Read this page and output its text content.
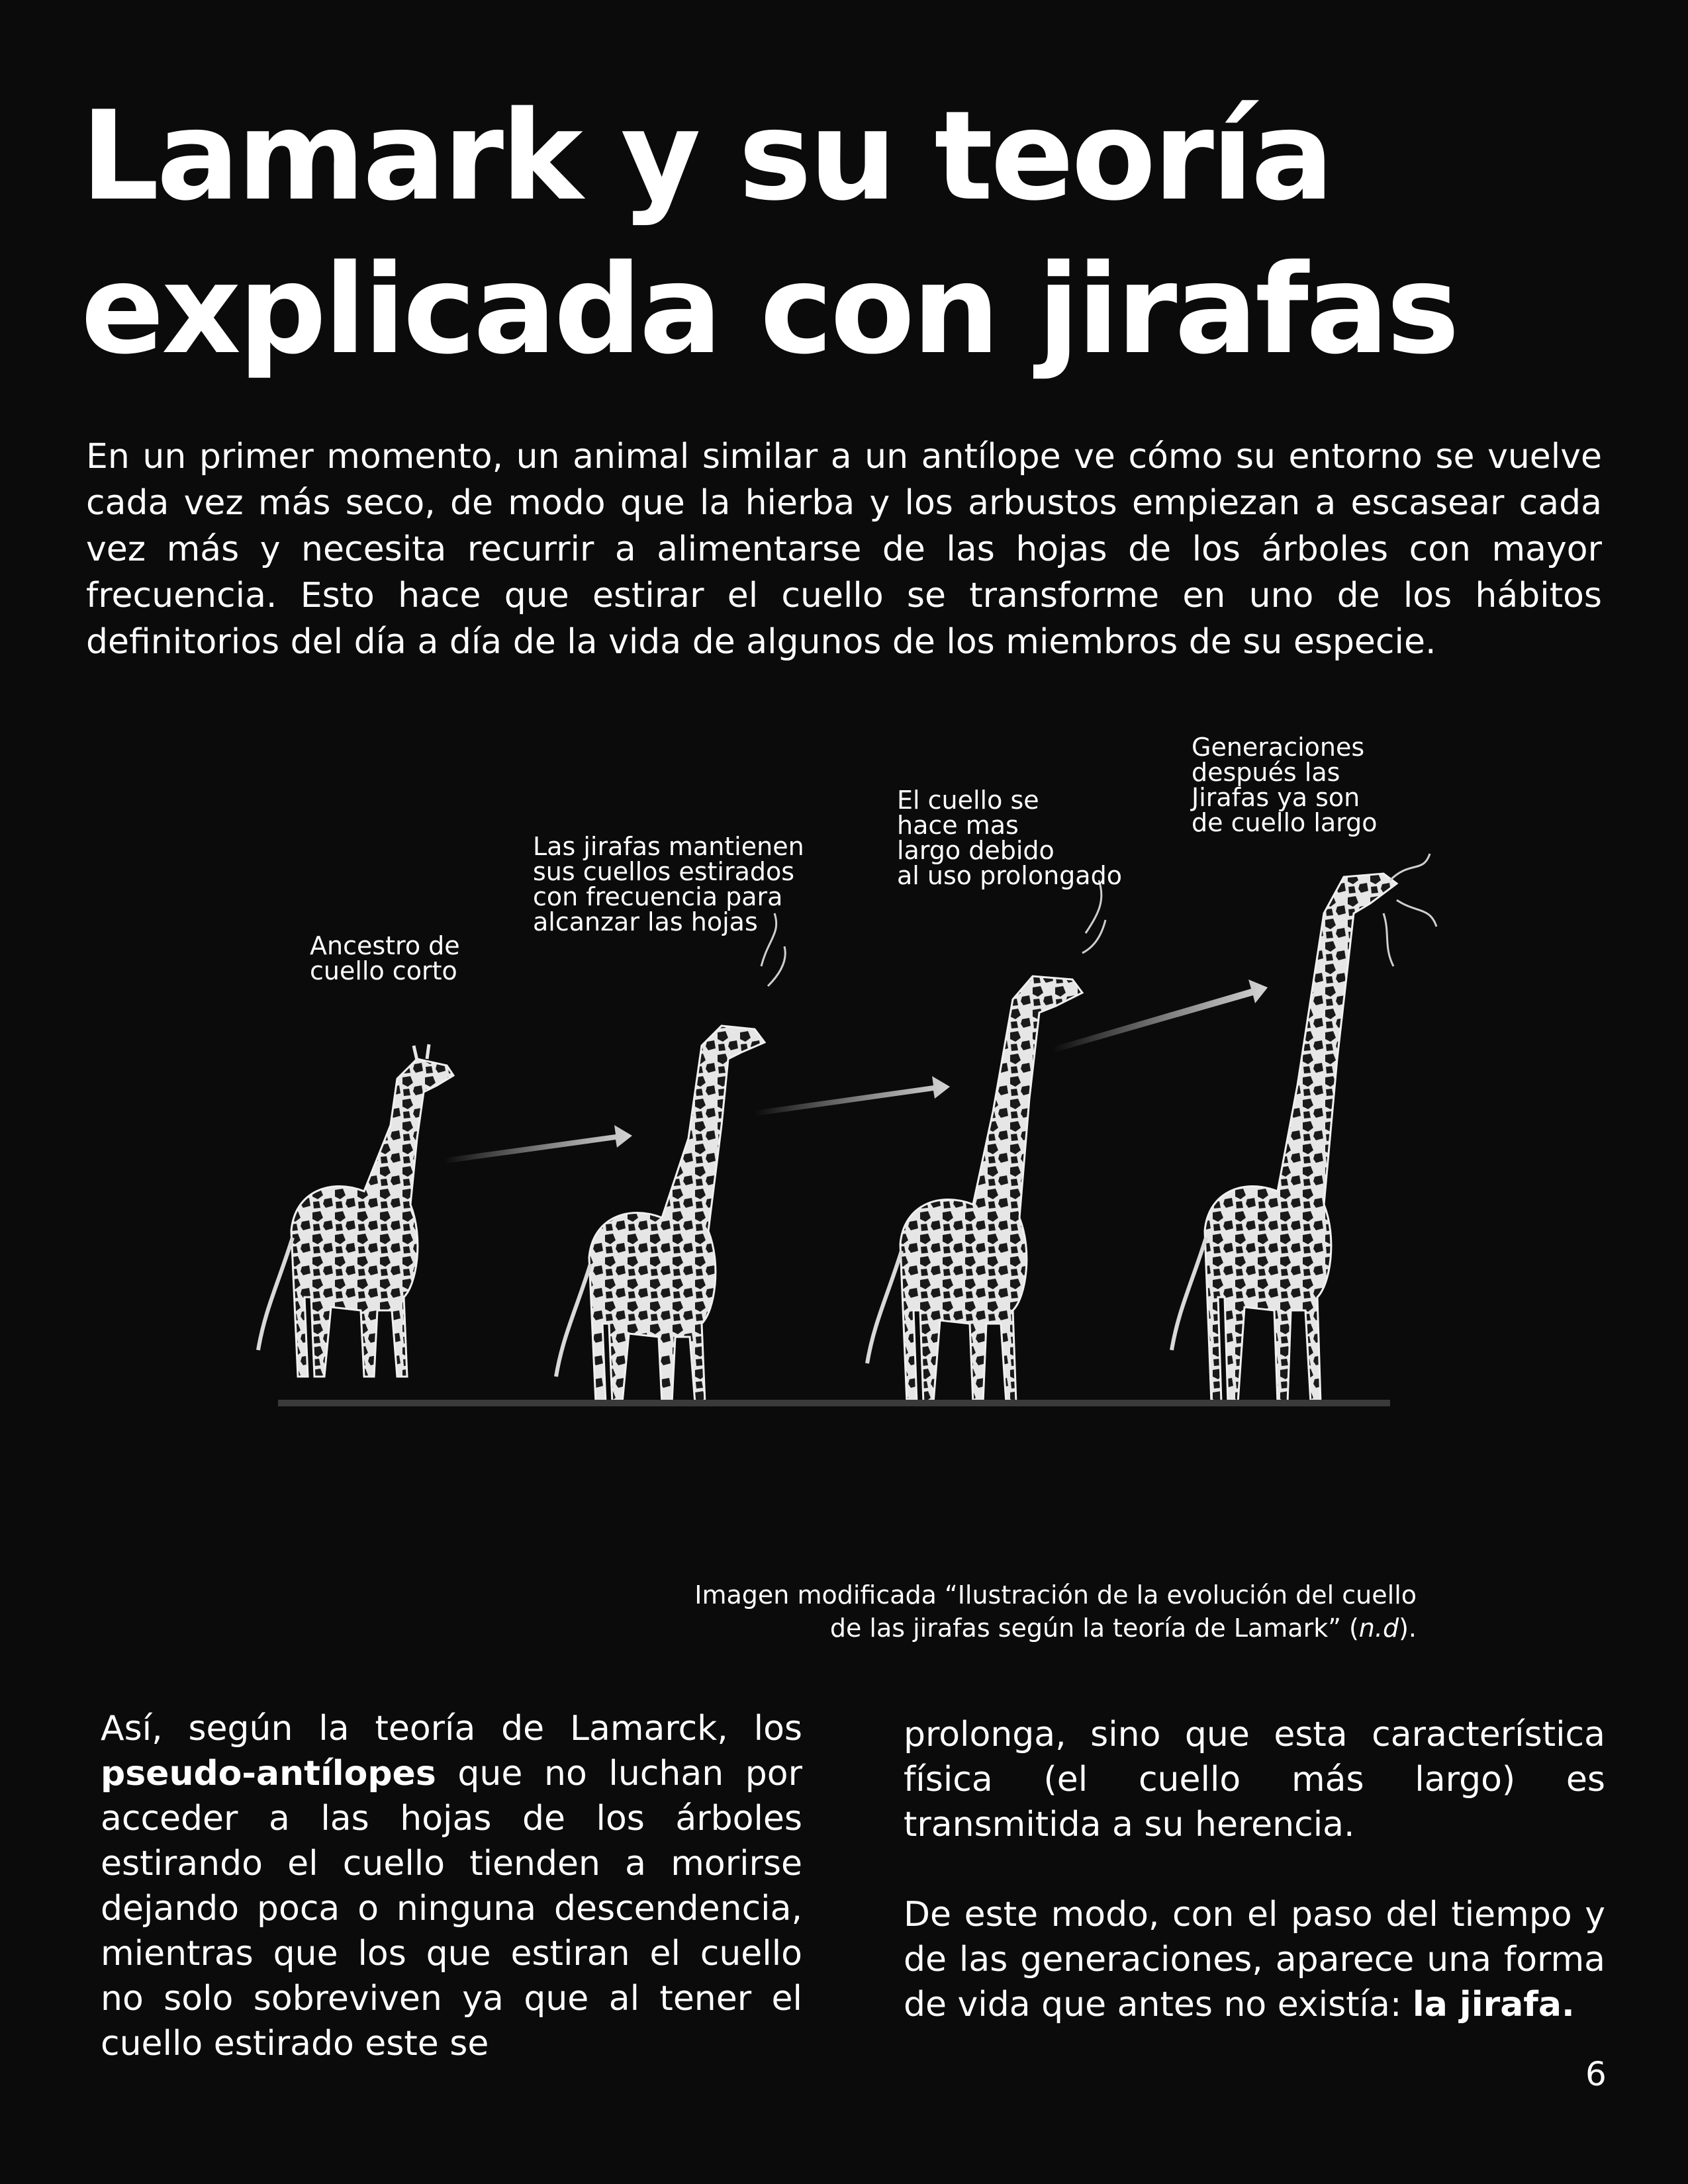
Lamark y su teoría
explicada con jirafas

En un primer momento, un animal similar a un antílope ve cómo su entorno se vuelve cada vez más seco, de modo que la hierba y los arbustos empiezan a escasear cada vez más y necesita recurrir a alimentarse de las hojas de los árboles con mayor frecuencia. Esto hace que estirar el cuello se transforme en uno de los hábitos definitorios del día a día de la vida de algunos de los miembros de su especie.

Ancestro de
cuello corto
Las jirafas mantienen
sus cuellos estirados
con frecuencia para
alcanzar las hojas
El cuello se
hace mas
largo debido
al uso prolongado
Generaciones
después las
Jirafas ya son
de cuello largo
Imagen modificada “Ilustración de la evolución del cuello
de las jirafas según la teoría de Lamark” (n.d).

Así, según la teoría de Lamarck, los pseudo-antílopes que no luchan por acceder a las hojas de los árboles estirando el cuello tienden a morirse dejando poca o ninguna descendencia, mientras que los que estiran el cuello no solo sobreviven ya que al tener el cuello estirado este se

prolonga, sino que esta característica física (el cuello más largo) es transmitida a su herencia.

De este modo, con el paso del tiempo y de las generaciones, aparece una forma de vida que antes no existía: la jirafa.

6
